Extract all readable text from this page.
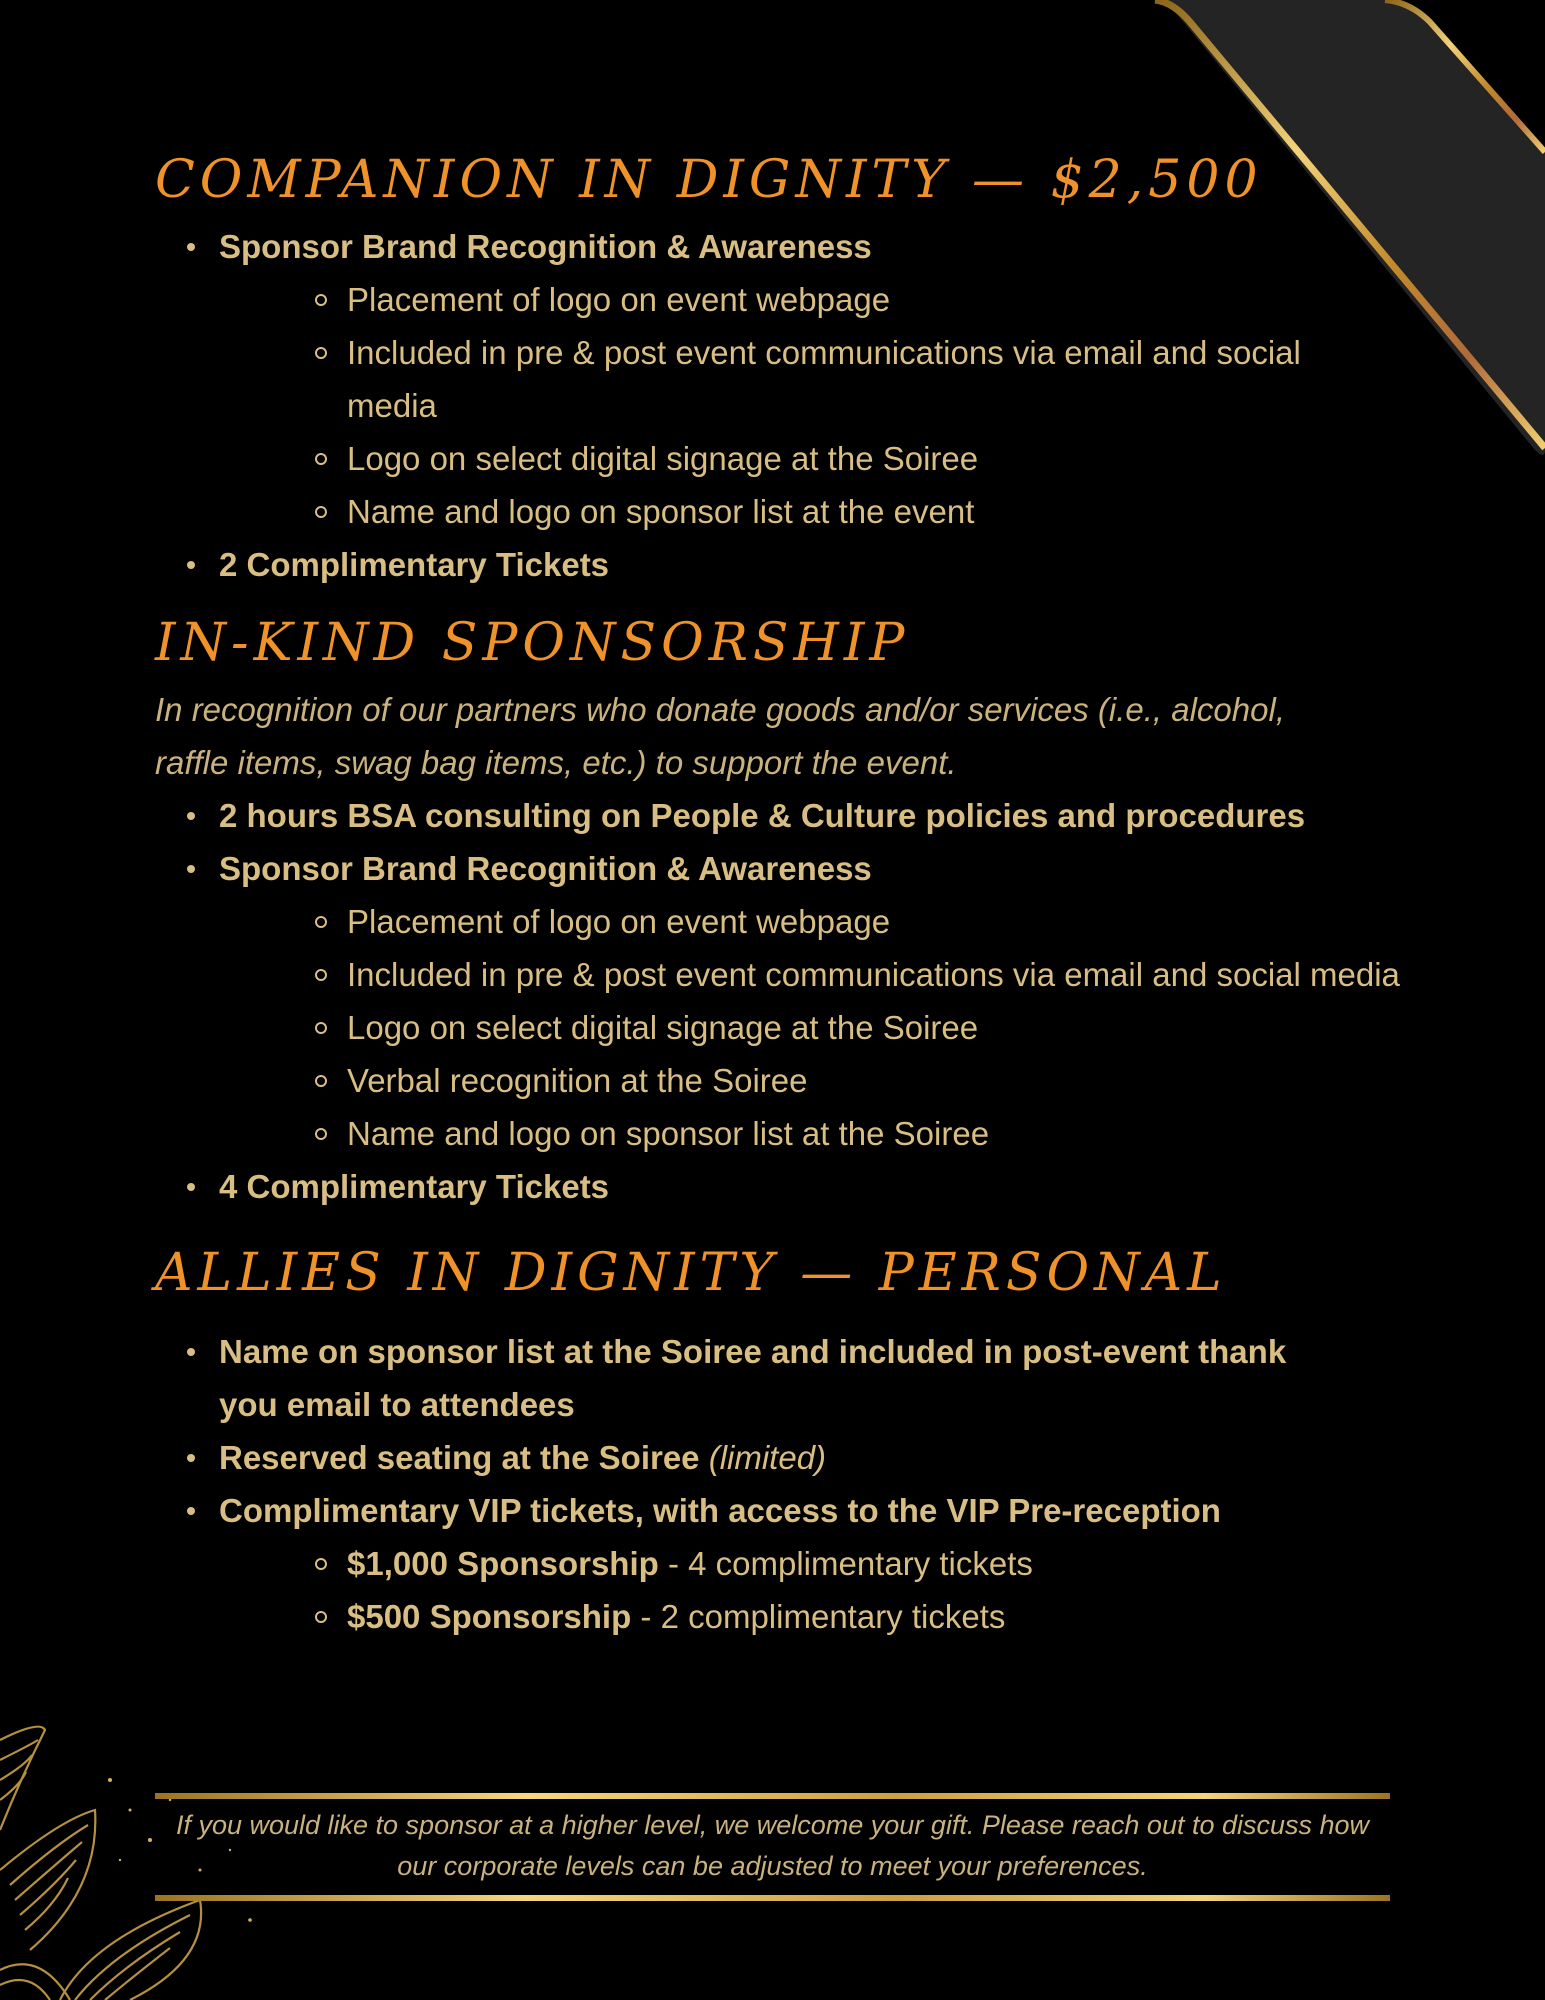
COMPANION IN DIGNITY — $2,500
Sponsor Brand Recognition & Awareness
Placement of logo on event webpage
Included in pre & post event communications via email and social media
Logo on select digital signage at the Soiree
Name and logo on sponsor list at the event
2 Complimentary Tickets
IN-KIND SPONSORSHIP

In recognition of our partners who donate goods and/or services (i.e., alcohol, raffle items, swag bag items, etc.) to support the event.

2 hours BSA consulting on People & Culture policies and procedures
Sponsor Brand Recognition & Awareness
Placement of logo on event webpage
Included in pre & post event communications via email and social media
Logo on select digital signage at the Soiree
Verbal recognition at the Soiree
Name and logo on sponsor list at the Soiree
4 Complimentary Tickets
ALLIES IN DIGNITY — PERSONAL
Name on sponsor list at the Soiree and included in post-event thank you email to attendees
Reserved seating at the Soiree (limited)
Complimentary VIP tickets, with access to the VIP Pre-reception
$1,000 Sponsorship - 4 complimentary tickets
$500 Sponsorship - 2 complimentary tickets
If you would like to sponsor at a higher level, we welcome your gift. Please reach out to discuss how our corporate levels can be adjusted to meet your preferences.
